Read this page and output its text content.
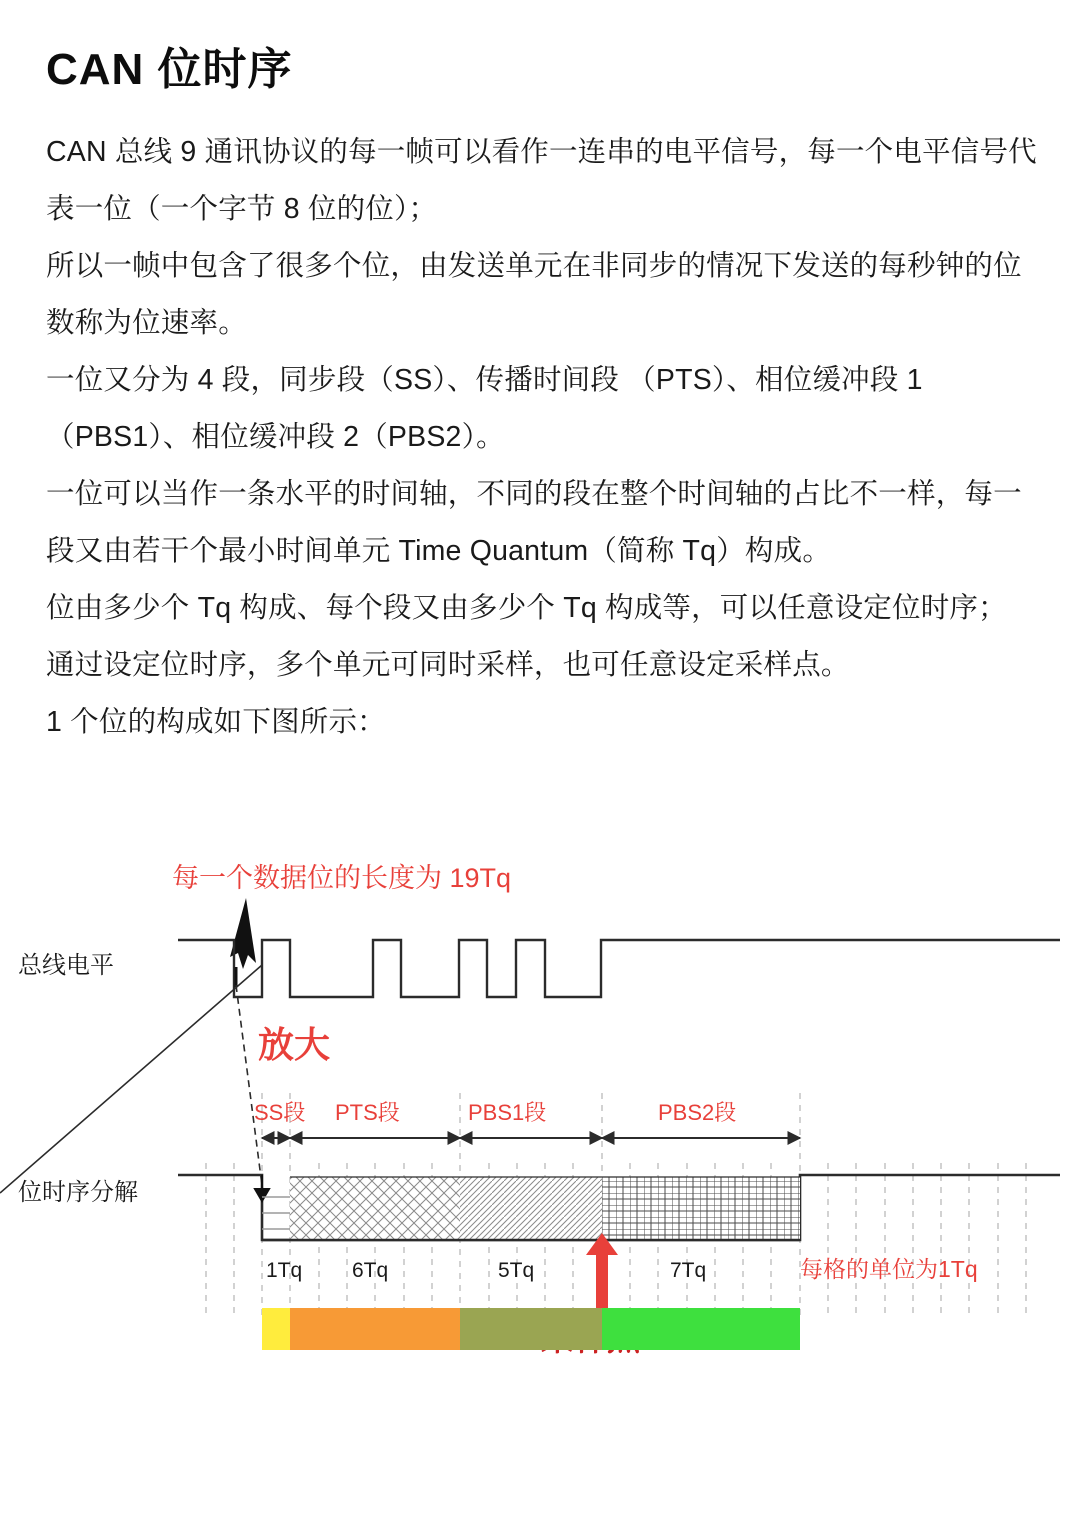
CAN 位时序

CAN 总线 9 通讯协议的每一帧可以看作一连串的电平信号，每一个电平信号代表一位（一个字节 8 位的位）；

所以一帧中包含了很多个位，由发送单元在非同步的情况下发送的每秒钟的位数称为位速率。

一位又分为 4 段，同步段（SS）、传播时间段 （PTS）、相位缓冲段 1（PBS1）、相位缓冲段 2（PBS2）。

一位可以当作一条水平的时间轴，不同的段在整个时间轴的占比不一样，每一段又由若干个最小时间单元 Time Quantum（简称 Tq）构成。

位由多少个 Tq 构成、每个段又由多少个 Tq 构成等，可以任意设定位时序；

通过设定位时序，多个单元可同时采样，也可任意设定采样点。

1 个位的构成如下图所示：

每一个数据位的长度为 19Tq
总线电平
放大
SS段 PTS段	PBS1段	PBS2段
位时序分解
1Tq 6Tq	5Tq	7Tq	每格的单位为1Tq
